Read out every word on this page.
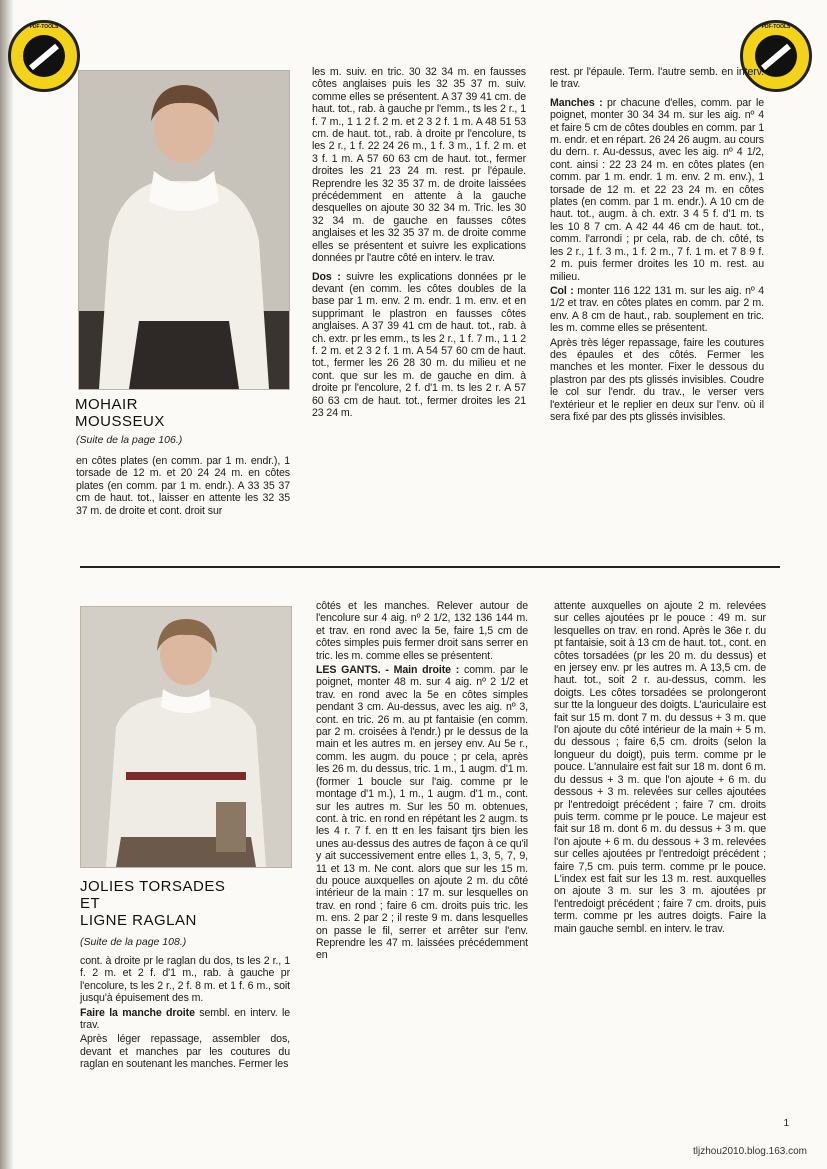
PDF-TOOLS	PDF-TOOLS
MOHAIR
MOUSSEUX
(Suite de la page 106.)

en côtes plates (en comm. par 1 m. endr.), 1 torsade de 12 m. et 20 24 24 m. en côtes plates (en comm. par 1 m. endr.). A 33 35 37 cm de haut. tot., laisser en attente les 32 35 37 m. de droite et cont. droit sur

les m. suiv. en tric. 30 32 34 m. en fausses côtes anglaises puis les 32 35 37 m. suiv. comme elles se présentent. A 37 39 41 cm. de haut. tot., rab. à gauche pr l'emm., ts les 2 r., 1 f. 7 m., 1 1 2 f. 2 m. et 2 3 2 f. 1 m. A 48 51 53 cm. de haut. tot., rab. à droite pr l'encolure, ts les 2 r., 1 f. 22 24 26 m., 1 f. 3 m., 1 f. 2 m. et 3 f. 1 m. A 57 60 63 cm de haut. tot., fermer droites les 21 23 24 m. rest. pr l'épaule. Reprendre les 32 35 37 m. de droite laissées précédemment en attente à la gauche desquelles on ajoute 30 32 34 m. Tric. les 30 32 34 m. de gauche en fausses côtes anglaises et les 32 35 37 m. de droite comme elles se présentent et suivre les explications données pr l'autre côté en interv. le trav.

Dos : suivre les explications données pr le devant (en comm. les côtes doubles de la base par 1 m. env. 2 m. endr. 1 m. env. et en supprimant le plastron en fausses côtes anglaises. A 37 39 41 cm de haut. tot., rab. à ch. extr. pr les emm., ts les 2 r., 1 f. 7 m., 1 1 2 f. 2 m. et 2 3 2 f. 1 m. A 54 57 60 cm de haut. tot., fermer les 26 28 30 m. du milieu et ne cont. que sur les m. de gauche en dim. à droite pr l'encolure, 2 f. d'1 m. ts les 2 r. A 57 60 63 cm de haut. tot., fermer droites les 21 23 24 m.

rest. pr l'épaule. Term. l'autre semb. en interv. le trav.

Manches : pr chacune d'elles, comm. par le poignet, monter 30 34 34 m. sur les aig. nº 4 et faire 5 cm de côtes doubles en comm. par 1 m. endr. et en répart. 26 24 26 augm. au cours du dern. r. Au-dessus, avec les aig. nº 4 1/2, cont. ainsi : 22 23 24 m. en côtes plates (en comm. par 1 m. endr. 1 m. env. 2 m. env.), 1 torsade de 12 m. et 22 23 24 m. en côtes plates (en comm. par 1 m. endr.). A 10 cm de haut. tot., augm. à ch. extr. 3 4 5 f. d'1 m. ts les 10 8 7 cm. A 42 44 46 cm de haut. tot., comm. l'arrondi ; pr cela, rab. de ch. côté, ts les 2 r., 1 f. 3 m., 1 f. 2 m., 7 f. 1 m. et 7 8 9 f. 2 m. puis fermer droites les 10 m. rest. au milieu.

Col : monter 116 122 131 m. sur les aig. nº 4 1/2 et trav. en côtes plates en comm. par 2 m. env. A 8 cm de haut., rab. souplement en tric. les m. comme elles se présentent.

Après très léger repassage, faire les coutures des épaules et des côtés. Fermer les manches et les monter. Fixer le dessous du plastron par des pts glissés invisibles. Coudre le col sur l'endr. du trav., le verser vers l'extérieur et le replier en deux sur l'env. où il sera fixé par des pts glissés invisibles.

JOLIES TORSADES
ET
LIGNE RAGLAN
(Suite de la page 108.)

cont. à droite pr le raglan du dos, ts les 2 r., 1 f. 2 m. et 2 f. d'1 m., rab. à gauche pr l'encolure, ts les 2 r., 2 f. 8 m. et 1 f. 6 m., soit jusqu'à épuisement des m.

Faire la manche droite sembl. en interv. le trav.

Après léger repassage, assembler dos, devant et manches par les coutures du raglan en soutenant les manches. Fermer les

côtés et les manches. Relever autour de l'encolure sur 4 aig. nº 2 1/2, 132 136 144 m. et trav. en rond avec la 5e, faire 1,5 cm de côtes simples puis fermer droit sans serrer en tric. les m. comme elles se présentent.

LES GANTS. - Main droite : comm. par le poignet, monter 48 m. sur 4 aig. nº 2 1/2 et trav. en rond avec la 5e en côtes simples pendant 3 cm. Au-dessus, avec les aig. nº 3, cont. en tric. 26 m. au pt fantaisie (en comm. par 2 m. croisées à l'endr.) pr le dessus de la main et les autres m. en jersey env. Au 5e r., comm. les augm. du pouce ; pr cela, après les 26 m. du dessus, tric. 1 m., 1 augm. d'1 m. (former 1 boucle sur l'aig. comme pr le montage d'1 m.), 1 m., 1 augm. d'1 m., cont. sur les autres m. Sur les 50 m. obtenues, cont. à tric. en rond en répétant les 2 augm. ts les 4 r. 7 f. en tt en les faisant tjrs bien les unes au-dessus des autres de façon à ce qu'il y ait successivement entre elles 1, 3, 5, 7, 9, 11 et 13 m. Ne cont. alors que sur les 15 m. du pouce auxquelles on ajoute 2 m. du côté intérieur de la main : 17 m. sur lesquelles on trav. en rond ; faire 6 cm. droits puis tric. les m. ens. 2 par 2 ; il reste 9 m. dans lesquelles on passe le fil, serrer et arrêter sur l'env. Reprendre les 47 m. laissées précédemment en

attente auxquelles on ajoute 2 m. relevées sur celles ajoutées pr le pouce : 49 m. sur lesquelles on trav. en rond. Après le 36e r. du pt fantaisie, soit à 13 cm de haut. tot., cont. en côtes torsadées (pr les 20 m. du dessus) et en jersey env. pr les autres m. A 13,5 cm. de haut. tot., soit 2 r. au-dessus, comm. les doigts. Les côtes torsadées se prolongeront sur tte la longueur des doigts. L'auriculaire est fait sur 15 m. dont 7 m. du dessus + 3 m. que l'on ajoute du côté intérieur de la main + 5 m. du dessous ; faire 6,5 cm. droits (selon la longueur du doigt), puis term. comme pr le pouce. L'annulaire est fait sur 18 m. dont 6 m. du dessus + 3 m. que l'on ajoute + 6 m. du dessous + 3 m. relevées sur celles ajoutées pr l'entredoigt précédent ; faire 7 cm. droits puis term. comme pr le pouce. Le majeur est fait sur 18 m. dont 6 m. du dessus + 3 m. que l'on ajoute + 6 m. du dessous + 3 m. relevées sur celles ajoutées pr l'entredoigt précédent ; faire 7,5 cm. puis term. comme pr le pouce. L'index est fait sur les 13 m. rest. auxquelles on ajoute 3 m. sur les 3 m. ajoutées pr l'entredoigt précédent ; faire 7 cm. droits, puis term. comme pr les autres doigts. Faire la main gauche sembl. en interv. le trav.

1
tljzhou2010.blog.163.com
